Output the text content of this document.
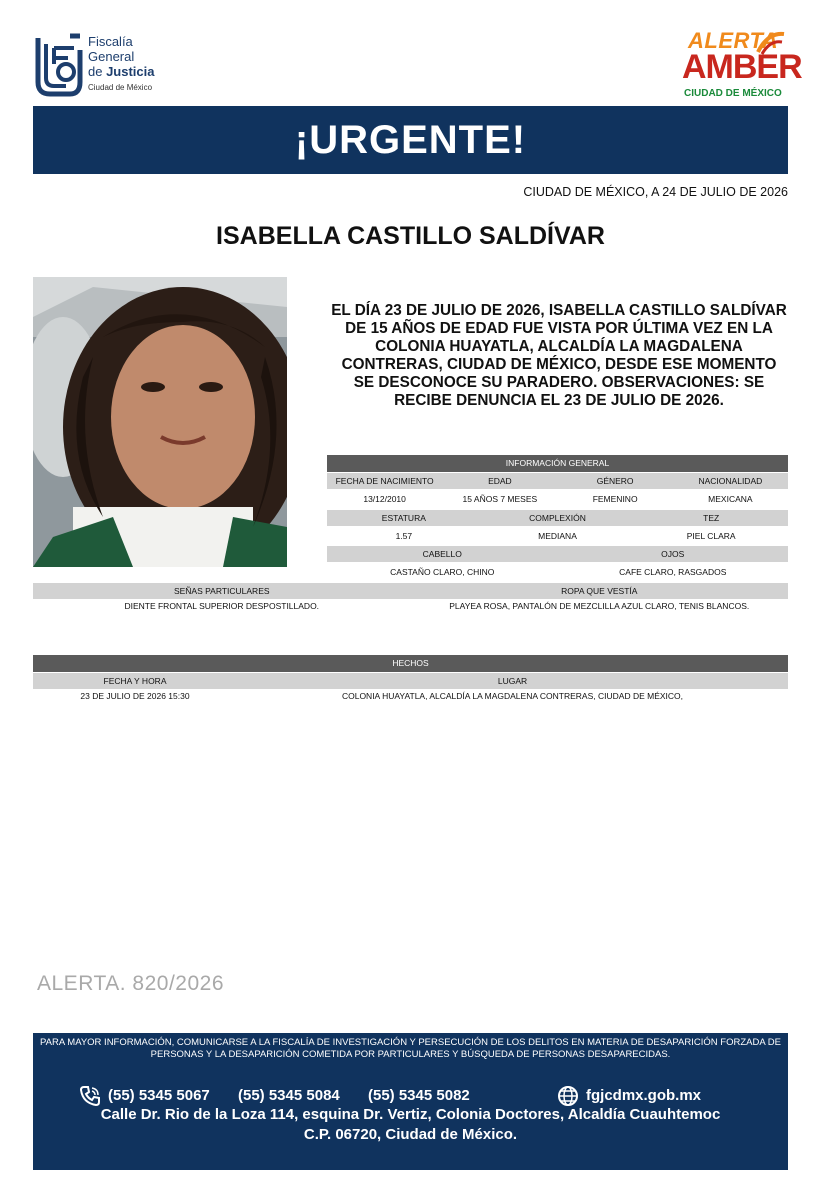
Fiscalía
General
de Justicia
Ciudad de México
ALERTA
AMBER
CIUDAD DE MÉXICO
¡URGENTE!
CIUDAD DE MÉXICO, A 24 DE JULIO DE 2026
ISABELLA CASTILLO SALDÍVAR
EL DÍA 23 DE JULIO DE 2026, ISABELLA CASTILLO SALDÍVAR DE 15 AÑOS DE EDAD FUE VISTA POR ÚLTIMA VEZ EN LA COLONIA HUAYATLA, ALCALDÍA LA MAGDALENA CONTRERAS, CIUDAD DE MÉXICO, DESDE ESE MOMENTO SE DESCONOCE SU PARADERO. OBSERVACIONES: SE RECIBE DENUNCIA EL 23 DE JULIO DE 2026.
INFORMACIÓN GENERAL
FECHA DE NACIMIENTO	EDAD	GÉNERO	NACIONALIDAD
13/12/2010	15 AÑOS 7 MESES	FEMENINO	MEXICANA
ESTATURA	COMPLEXIÓN	TEZ
1.57	MEDIANA	PIEL CLARA
CABELLO	OJOS
CASTAÑO CLARO, CHINO	CAFE CLARO, RASGADOS
SEÑAS PARTICULARES	ROPA QUE VESTÍA
DIENTE FRONTAL SUPERIOR DESPOSTILLADO.	PLAYEA ROSA, PANTALÓN DE MEZCLILLA AZUL CLARO, TENIS BLANCOS.
HECHOS
FECHA Y HORA	LUGAR
23 DE JULIO DE 2026 15:30	COLONIA HUAYATLA, ALCALDÍA LA MAGDALENA CONTRERAS, CIUDAD DE MÉXICO,
ALERTA. 820/2026
PARA MAYOR INFORMACIÓN, COMUNICARSE A LA FISCALÍA DE INVESTIGACIÓN Y PERSECUCIÓN DE LOS DELITOS EN MATERIA DE DESAPARICIÓN FORZADA DE PERSONAS Y LA DESAPARICIÓN COMETIDA POR PARTICULARES Y BÚSQUEDA DE PERSONAS DESAPARECIDAS.
(55) 5345 5067 (55) 5345 5084 (55) 5345 5082	fgjcdmx.gob.mx
Calle Dr. Rio de la Loza 114, esquina Dr. Vertiz, Colonia Doctores, Alcaldía Cuauhtemoc
C.P. 06720, Ciudad de México.
